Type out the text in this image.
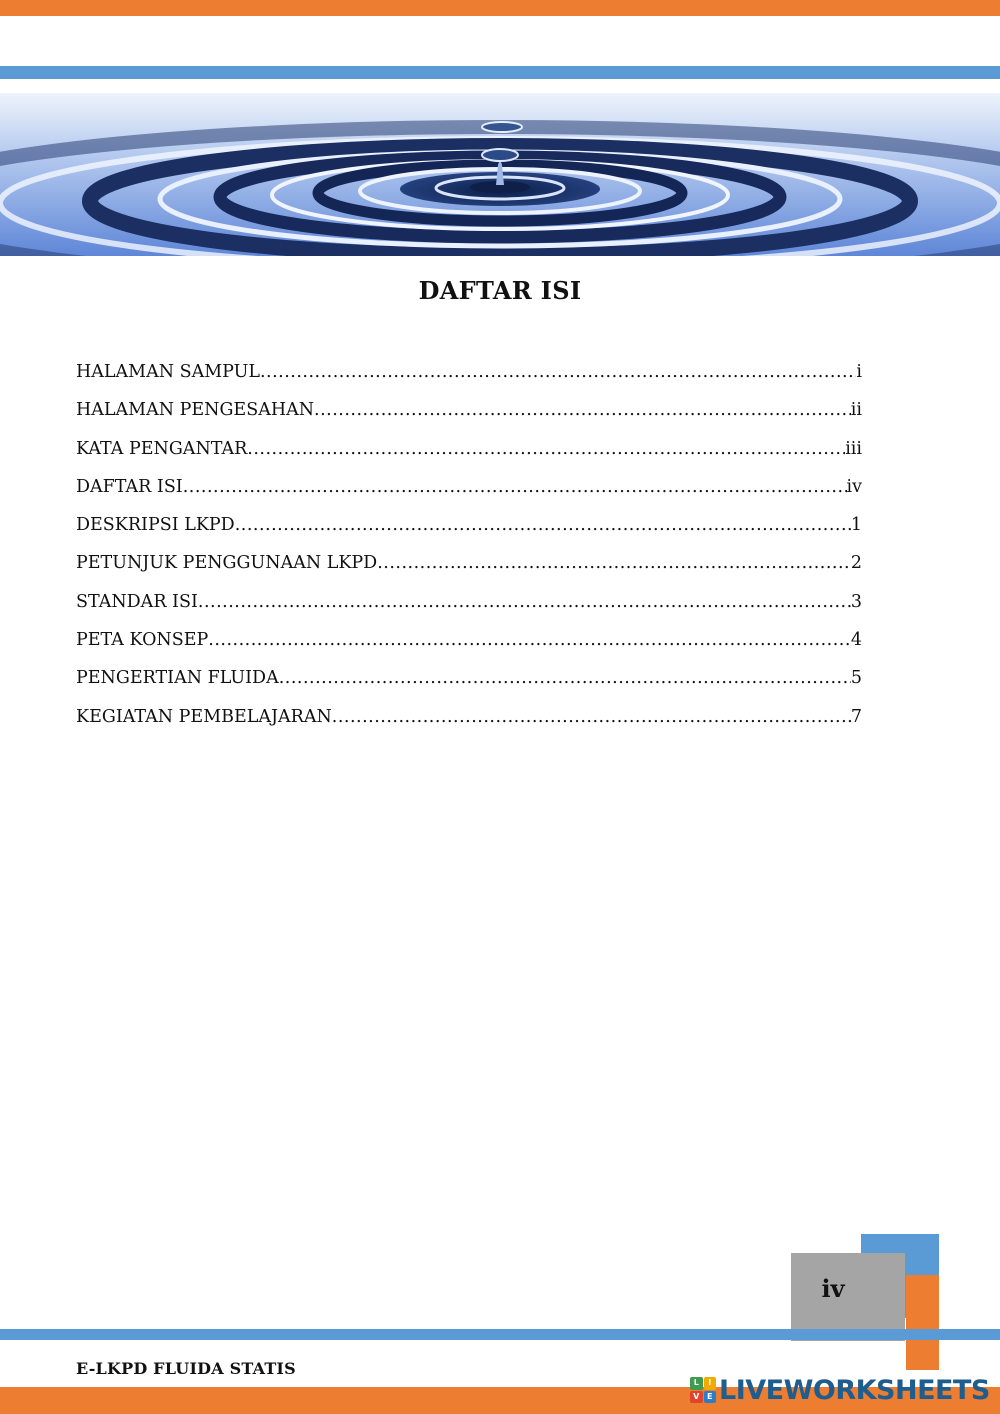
DAFTAR ISI
HALAMAN SAMPUL .....	i
HALAMAN PENGESAHAN .....	ii
KATA PENGANTAR .....	iii
DAFTAR ISI .....	iv
DESKRIPSI LKPD .....	1
PETUNJUK PENGGUNAAN LKPD .....	2
STANDAR ISI .....	3
PETA KONSEP .....	4
PENGERTIAN FLUIDA .....	5
KEGIATAN PEMBELAJARAN .....	7
iv
E-LKPD FLUIDA STATIS
L	I
V E LIVEWORKSHEETS
